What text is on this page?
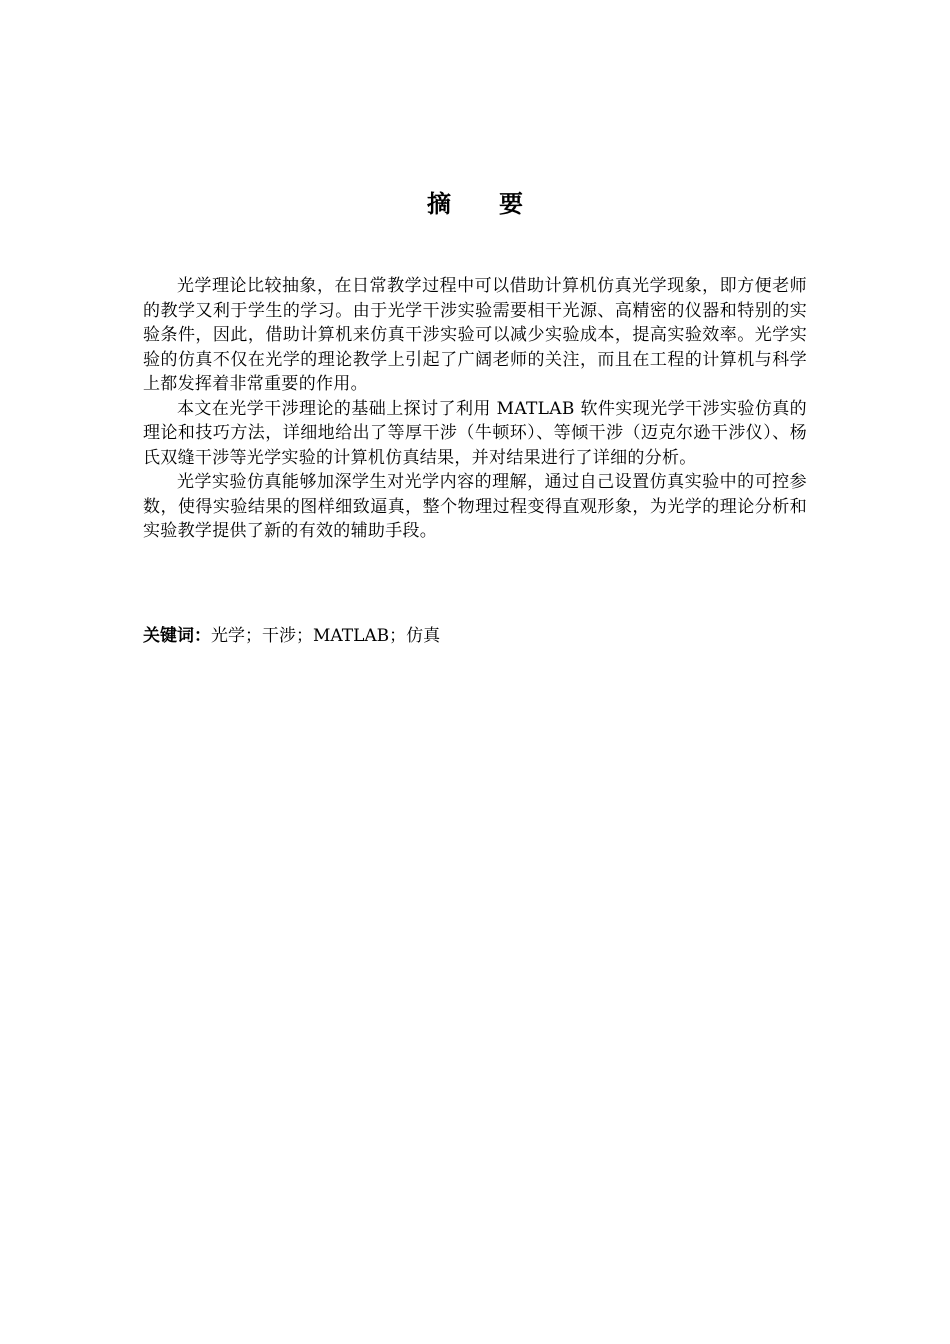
摘 要

光学理论比较抽象，在日常教学过程中可以借助计算机仿真光学现象，即方便老师的教学又利于学生的学习。由于光学干涉实验需要相干光源、高精密的仪器和特别的实验条件，因此，借助计算机来仿真干涉实验可以减少实验成本，提高实验效率。光学实验的仿真不仅在光学的理论教学上引起了广阔老师的关注，而且在工程的计算机与科学上都发挥着非常重要的作用。

本文在光学干涉理论的基础上探讨了利用 MATLAB 软件实现光学干涉实验仿真的理论和技巧方法，详细地给出了等厚干涉（牛顿环）、等倾干涉（迈克尔逊干涉仪）、杨氏双缝干涉等光学实验的计算机仿真结果，并对结果进行了详细的分析。

光学实验仿真能够加深学生对光学内容的理解，通过自己设置仿真实验中的可控参数，使得实验结果的图样细致逼真，整个物理过程变得直观形象，为光学的理论分析和实验教学提供了新的有效的辅助手段。

关键词：光学；干涉；MATLAB；仿真
